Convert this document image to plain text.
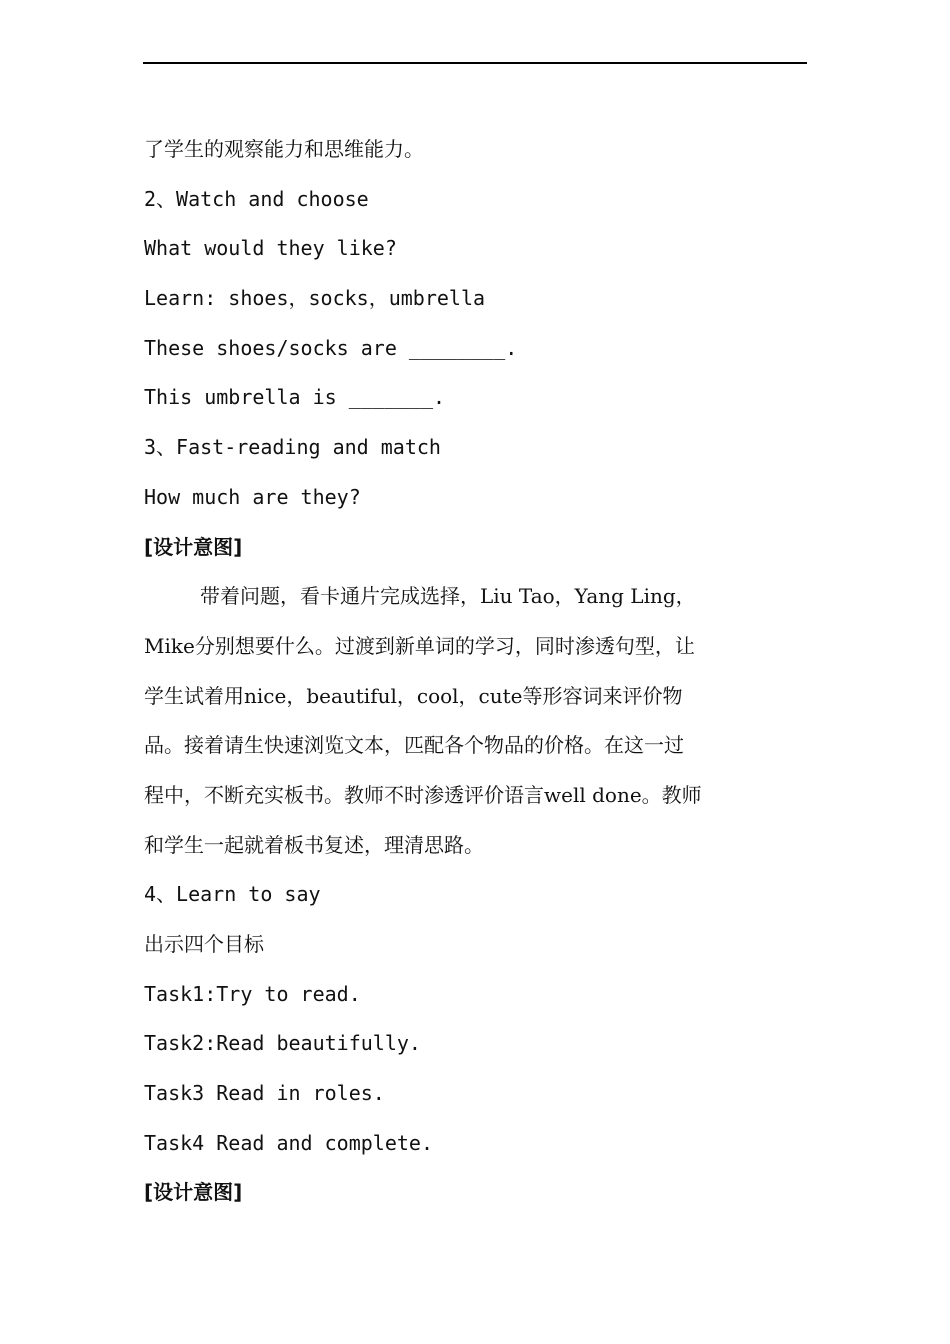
了学生的观察能力和思维能力。
2、Watch and choose
What would they like?
Learn: shoes，socks，umbrella
These shoes/socks are ________.
This umbrella is _______.
3、Fast-reading and match
How much are they?
[设计意图]
带着问题，看卡通片完成选择，Liu Tao，Yang Ling，
Mike分别想要什么。过渡到新单词的学习，同时渗透句型，让
学生试着用nice，beautiful，cool，cute等形容词来评价物
品。接着请生快速浏览文本，匹配各个物品的价格。在这一过
程中，不断充实板书。教师不时渗透评价语言well done。教师
和学生一起就着板书复述，理清思路。
4、Learn to say
出示四个目标
Task1:Try to read.
Task2:Read beautifully.
Task3 Read in roles.
Task4 Read and complete.
[设计意图]
